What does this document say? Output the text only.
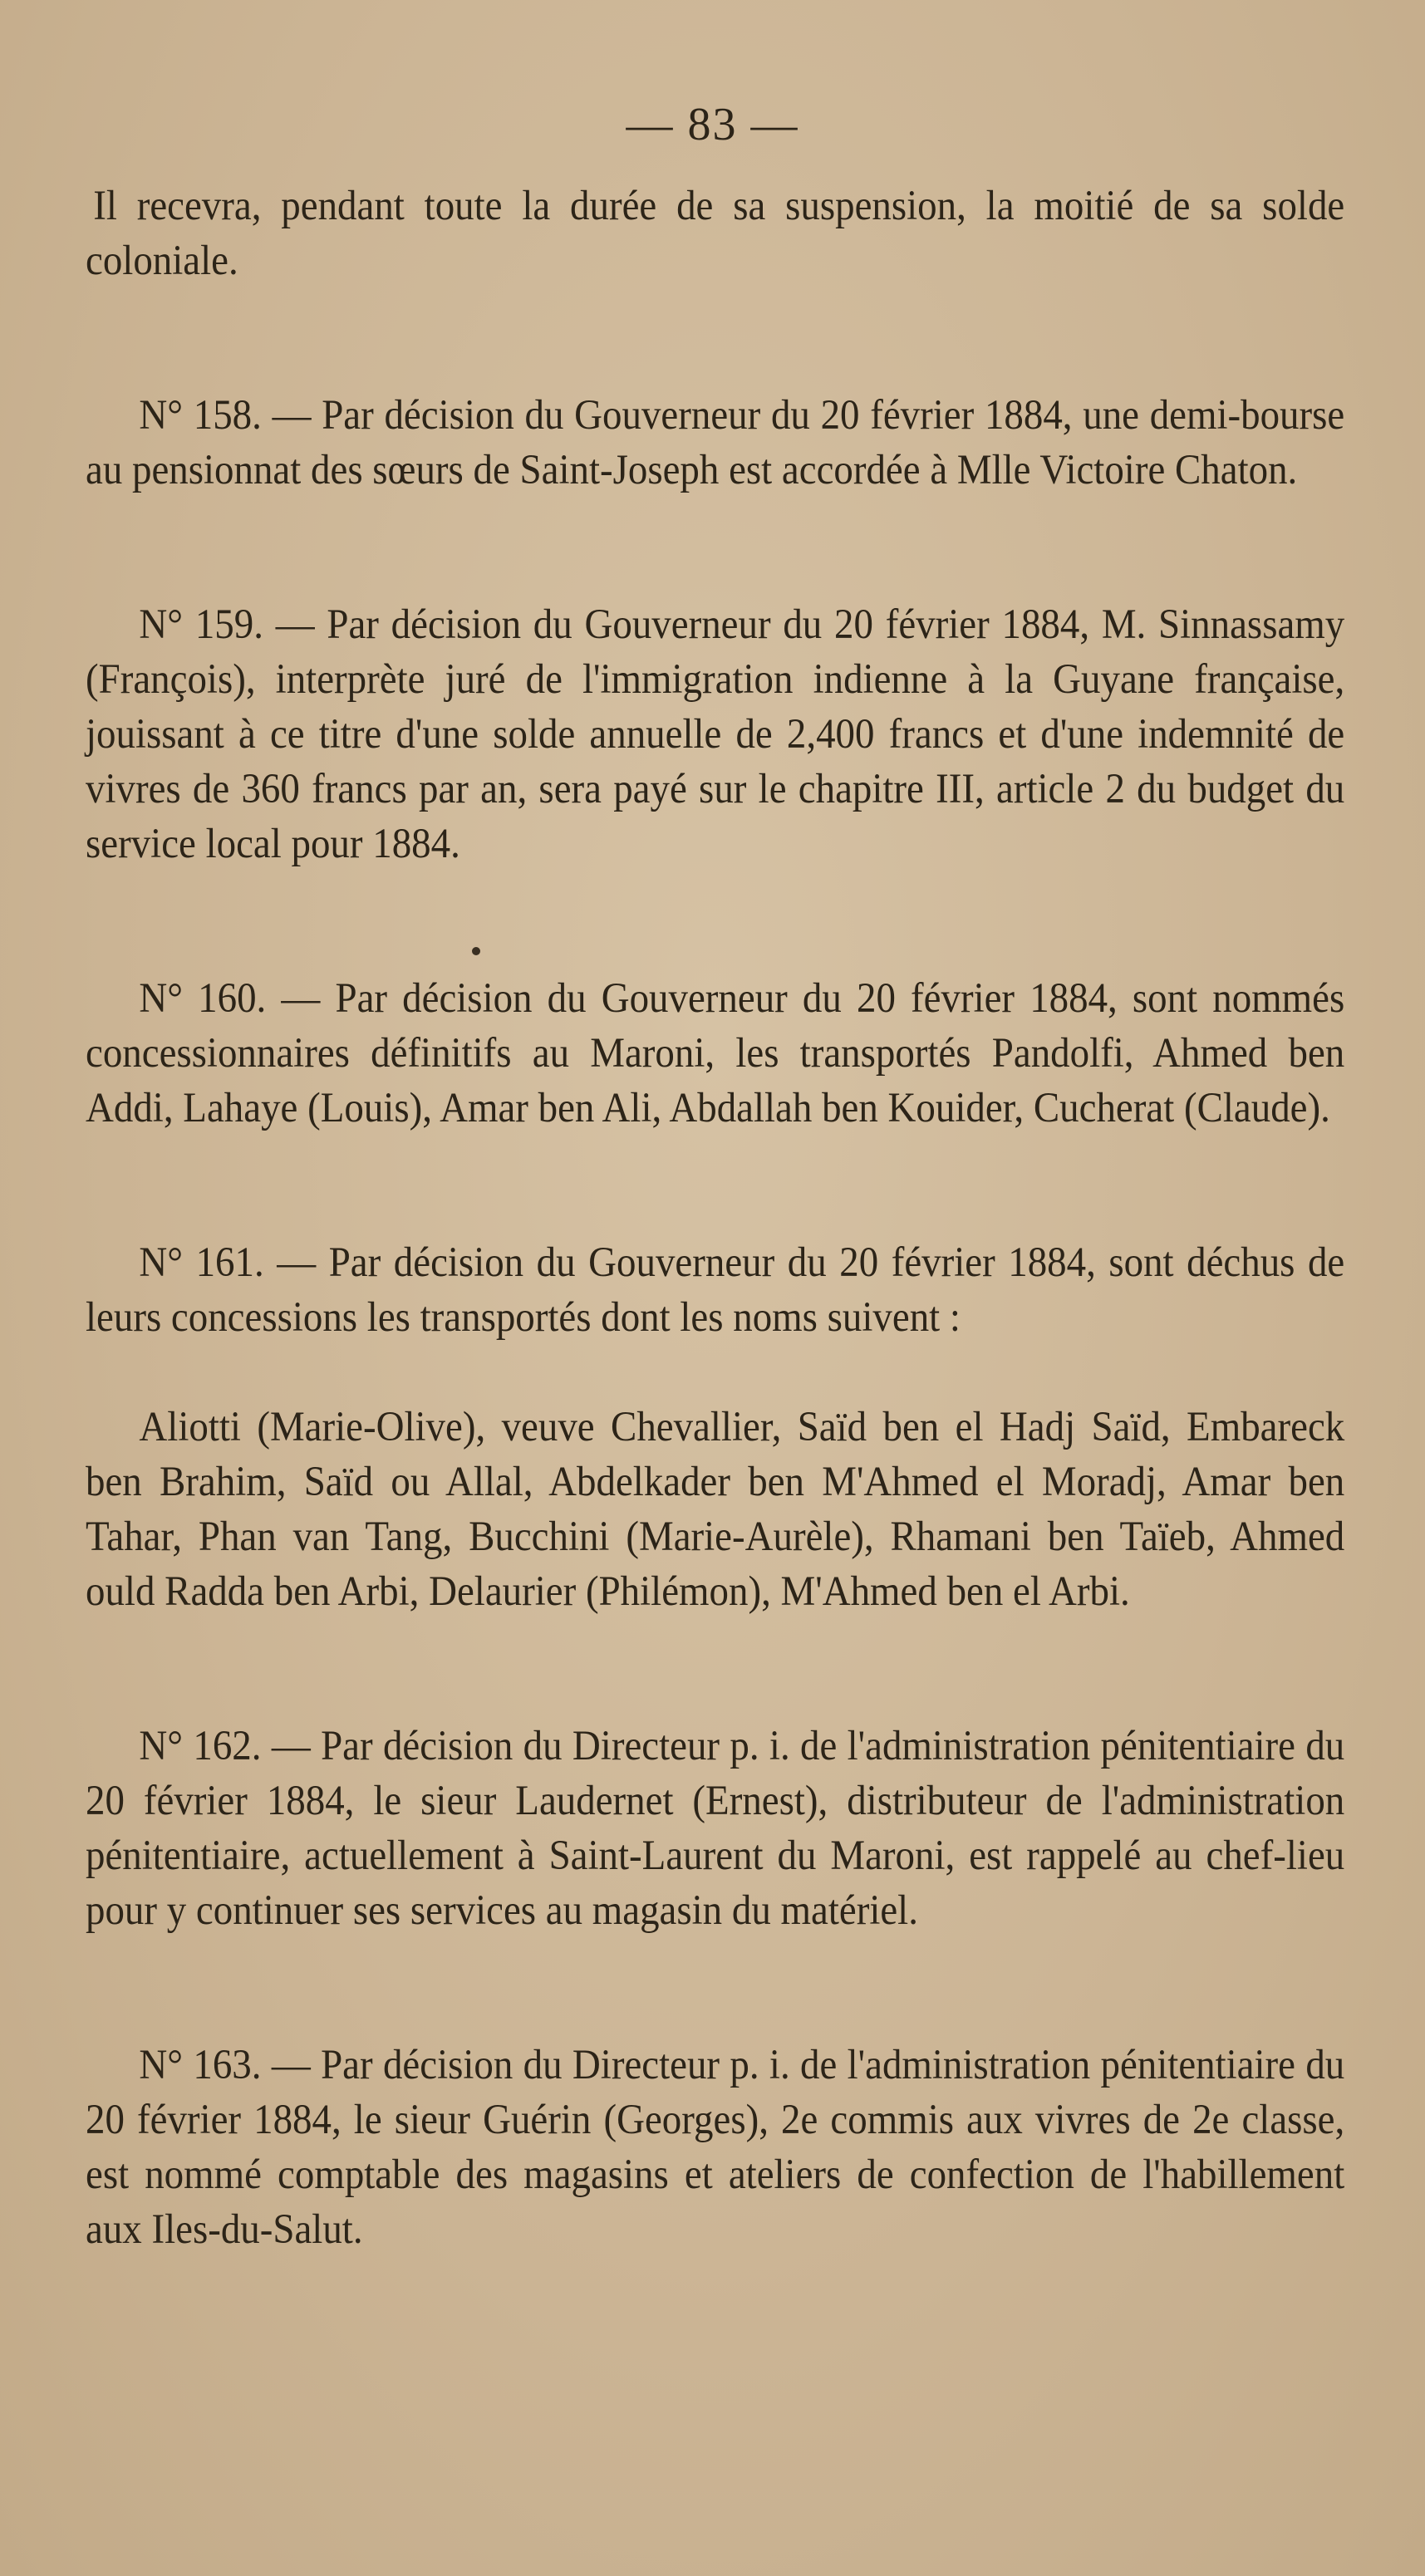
— 83 —

Il recevra, pendant toute la durée de sa suspension, la moitié de sa solde coloniale.

N° 158. — Par décision du Gouverneur du 20 février 1884, une demi-bourse au pensionnat des sœurs de Saint-Joseph est accordée à Mlle Victoire Chaton.

N° 159. — Par décision du Gouverneur du 20 février 1884, M. Sinnassamy (François), interprète juré de l'immigration indienne à la Guyane française, jouissant à ce titre d'une solde annuelle de 2,400 francs et d'une indemnité de vivres de 360 francs par an, sera payé sur le chapitre III, article 2 du budget du service local pour 1884.

N° 160. — Par décision du Gouverneur du 20 février 1884, sont nommés concessionnaires définitifs au Maroni, les transportés Pandolfi, Ahmed ben Addi, Lahaye (Louis), Amar ben Ali, Abdallah ben Kouider, Cucherat (Claude).

N° 161. — Par décision du Gouverneur du 20 février 1884, sont déchus de leurs concessions les transportés dont les noms suivent :

Aliotti (Marie-Olive), veuve Chevallier, Saïd ben el Hadj Saïd, Embareck ben Brahim, Saïd ou Allal, Abdelkader ben M'Ahmed el Moradj, Amar ben Tahar, Phan van Tang, Bucchini (Marie-Aurèle), Rhamani ben Taïeb, Ahmed ould Radda ben Arbi, Delaurier (Philémon), M'Ahmed ben el Arbi.

N° 162. — Par décision du Directeur p. i. de l'administration pénitentiaire du 20 février 1884, le sieur Laudernet (Ernest), distributeur de l'administration pénitentiaire, actuellement à Saint-Laurent du Maroni, est rappelé au chef-lieu pour y continuer ses services au magasin du matériel.

N° 163. — Par décision du Directeur p. i. de l'administration pénitentiaire du 20 février 1884, le sieur Guérin (Georges), 2e commis aux vivres de 2e classe, est nommé comptable des magasins et ateliers de confection de l'habillement aux Iles-du-Salut.
